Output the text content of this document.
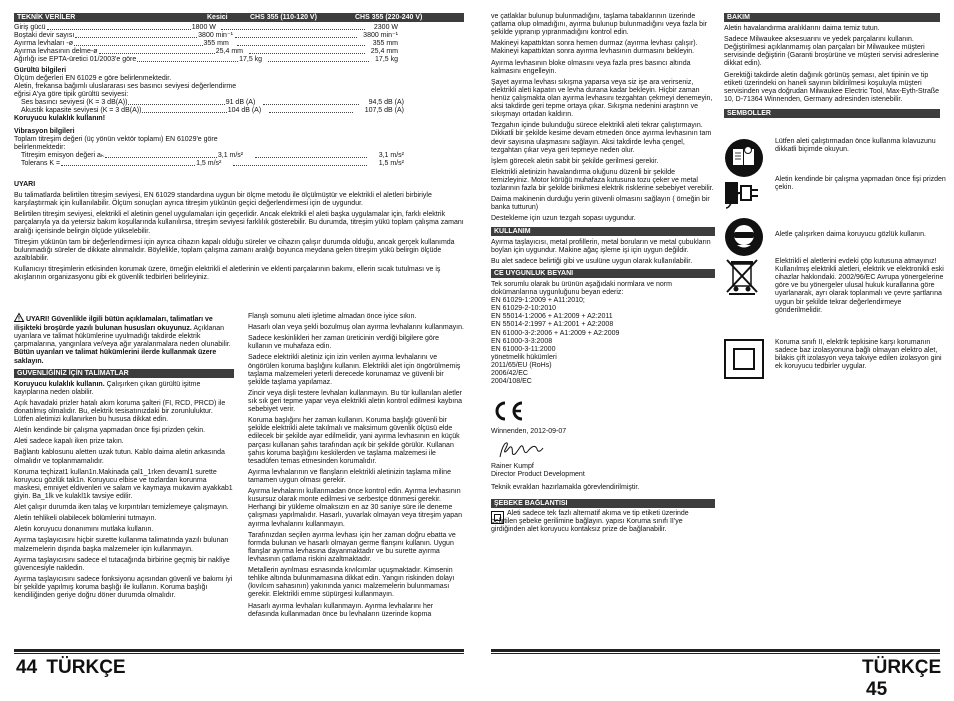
TEKNİK VERİLER	Kesici	CHS 355 (110-120 V)	CHS 355 (220-240 V)
Giriş gücü	1800 W	2300 W
Boştaki devir sayısı	3800 min⁻¹	3800 min⁻¹
Ayırma levhaları -ø	355 mm	355 mm
Ayırma levhasının delme-ø	25,4 mm	25,4 mm
Ağırlığı ise EPTA-üretici 01/2003'e göre	17,5 kg	17,5 kg
Gürültü bilgileri
Ölçüm değerleri EN 61029 e göre belirlenmektedir.
Aletin, frekansa bağımlı uluslararası ses basıncı seviyesi değerlendirme eğrisi A'ya göre tipik gürültü seviyesi:
Ses basıncı seviyesi (K = 3 dB(A))	91 dB (A)	94,5 dB (A)
Akustik kapasite seviyesi (K = 3 dB(A))	104 dB (A)	107,5 dB (A)
Koruyucu kulaklık kullanın!
Vibrasyon bilgileri
Toplam titreşim değeri (üç yönün vektör toplamı) EN 61029'e göre belirlenmektedir:
Titreşim emisyon değeri aₕ	3,1 m/s²	3,1 m/s²
Tolerans K =	1,5 m/s²	1,5 m/s²
UYARI

Bu talimatlarda belirtilen titreşim seviyesi, EN 61029 standardına uygun bir ölçme metodu ile ölçülmüştür ve elektrikli el aletleri birbiriyle karşılaştırmak için kullanılabilir. Ölçüm sonuçları ayrıca titreşim yükünün geçici değerlendirmesi için de uygundur.

Belirtilen titreşim seviyesi, elektrikli el aletinin genel uygulamaları için geçerlidir. Ancak elektrikli el aleti başka uygulamalar için, farklı elektrik parçalarıyla ya da yetersiz bakım koşullarında kullanılırsa, titreşim seviyesi farklılık gösterebilir. Bu durumda, titreşim yükü toplam çalışma zamanı aralığı içerisinde belirgin ölçüde yükselebilir.

Titreşim yükünün tam bir değerlendirmesi için ayrıca cihazın kapalı olduğu süreler ve cihazın çalışır durumda olduğu, ancak gerçek kullanımda bulunmadığı süreler de dikkate alınmalıdır. Böylelikle, toplam çalışma zamanı aralığı boyunca meydana gelen titreşim yükü belirgin ölçüde azaltılabilir.

Kullanıcıyı titreşimlerin etkisinden korumak üzere, örneğin elektrikli el aletlerinin ve eklenti parçalarının bakımı, ellerin sıcak tutulması ve iş akışlarının organizasyonu gibi ek güvenlik tedbirleri belirleyiniz.

! UYARI! Güvenlikle ilgili bütün açıklamaları, talimatları ve ilişikteki broşürde yazılı bulunan hususları okuyunuz. Açıklanan uyarılara ve talimat hükümlerine uyulmadığı takdirde elektrik çarpmalarına, yangınlara ve/veya ağır yaralanmalara neden olunabilir. Bütün uyarıları ve talimat hükümlerini ilerde kullanmak üzere saklayın.

GÜVENLİĞİNİZ İÇİN TALİMATLAR

Koruyucu kulaklık kullanın. Çalışırken çıkan gürültü işitme kayıplarına neden olabilir.

Açık havadaki prizler hatalı akım koruma şalteri (FI, RCD, PRCD) ile donatılmış olmalıdır. Bu, elektrik tesisatınızdaki bir zorunluluktur. Lütfen aletimizi kullanırken bu hususa dikkat edin.

Aletin kendinde bir çalışma yapmadan önce fişi prizden çekin.

Aleti sadece kapalı iken prize takın.

Bağlantı kablosunu aletten uzak tutun. Kablo daima aletin arkasında olmalıdır ve toplanmamalıdır.

Koruma teçhizat1 kullan1n.Makinada çal1_1rken devaml1 surette koruyucu gözlük tak1n. Koruyucu elbise ve tozlardan korunma maskesi, emniyet eldivenleri ve salam ve kaymaya mukavim ayakkab1 giyin. Ba_1lk ve kulakl1k tavsiye edilir.

Alet çalışır durumda iken talaş ve kırpıntıları temizlemeye çalışmayın.

Aletin tehlikeli olabilecek bölümlerini tutmayın.

Aletin koruyucu donanımını mutlaka kullanın.

Ayırma taşlayıcısını hiçbir surette kullanma talimatında yazılı bulunan malzemelerin dışında başka malzemeler için kullanmayın.

Ayırma taşlayıcısını sadece el tutacağında birbirine geçmiş bir nakliye güvencesiyle nakledin.

Ayırma taşlayıcısını sadece fonksiyonu açısından güvenli ve bakımı iyi bir şekilde yapılmış koruma başlığı ile kullanın. Koruma başlığı kendiliğinden geriye doğru döner durumda olmalıdır.

Flanşlı somunu aleti işletime almadan önce iyice sıkın.

Hasarlı olan veya şekli bozulmuş olan ayırma levhalarını kullanmayın.

Sadece keskinlikleri her zaman üreticinin verdiği bilgilere göre kullanın ve muhafaza edin.

Sadece elektrikli aletiniz için izin verilen ayırma levhalarını ve öngörülen koruma başlığını kullanın. Elektrikli alet için öngörülmemiş taşlama malzemeleri yeterli derecede korunamaz ve güvenli bir şekilde taşlama yapılamaz.

Zincir veya dişli testere levhaları kullanmayın. Bu tür kullanılan aletler sık sık geri tepme yapar veya elektrikli aletin kontrol edilmesi kaybına sebebiyet verir.

Koruma başlığını her zaman kullanın. Koruma başlığı güvenli bir şekilde elektrikli alete takılmalı ve maksimum güvenlik ölçüsü elde edilecek bir şekilde ayar edilmelidir, yani ayırma levhasının en küçük parçası kullanan şahıs tarafından açık bir şekilde görülür. Kullanan şahıs koruma başlığını keskilerden ve taşlama malzemesi ile tesadüfen temas etmesinden korumalıdır.

Ayırma levhalarının ve flanşların elektrikli aletinizin taşlama miline tamamen uygun olması gerekir.

Ayırma levhalarını kullanmadan önce kontrol edin. Ayırma levhasının kusursuz olarak monte edilmesi ve serbestçe dönmesi gerekir. Herhangi bir yükleme olmaksızın en az 30 saniye süre ile deneme çalışması yapılmalıdır. Hasarlı, yuvarlak olmayan veya titreşim yapan ayırma levhalarını kullanmayın.

Tarafınızdan seçilen ayırma levhası için her zaman doğru ebatta ve formda bulunan ve hasarlı olmayan germe flanşını kullanın. Uygun flanşlar ayırma levhasına dayanmaktadır ve bu surette ayırma levhasının çatlama riskini azaltmaktadır.

Metallerin ayrılması esnasında kıvılcımlar uçuşmaktadır. Kimsenin tehlike altında bulunmamasına dikkat edin. Yangın riskinden dolayı (kıvılcım sahasının) yakınında yanıcı malzemelerin bulunmaması gerekir. Elektrikli emme süpürgesi kullanmayın.

Hasarlı ayırma levhaları kullanmayın. Ayırma levhalarını her defasında kullanmadan önce bu levhaların üzerinde kopma

44 TÜRKÇE

ve çatlaklar bulunup bulunmadığını, taşlama tabaklarının üzerinde çatlama olup olmadığını, ayırma bulunup bulunmadığını veya fazla bir şekilde yıpranıp yıpranmadığını kontrol edin.

Makineyi kapattıktan sonra hemen durmaz (ayırma levhası çalışır). Makineyi kapattıktan sonra ayırma levhasının durmasını bekleyin.

Ayırma levhasının bloke olmasını veya fazla pres basıncı altında kalmasını engelleyin.

Şayet ayırma levhası sıkışma yaparsa veya siz işe ara verirseniz, elektrikli aleti kapatın ve levha durana kadar bekleyin. Hiçbir zaman henüz çalışmakta olan ayırma levhasını tezgahtan çekmeyi denemeyin, aksi takdirde geri tepme ortaya çıkar. Sıkışma nedenini araştırın ve sıkışmayı ortadan kaldırın.

Tezgahın içinde bulunduğu sürece elektrikli aleti tekrar çalıştırmayın. Dikkatli bir şekilde kesime devam etmeden önce ayırma levhasının tam devir sayısına ulaşmasını sağlayın. Aksi takdirde levha çengel, tezgahtan çıkar veya geri tepmeye neden olur.

İşlem görecek aletin sabit bir şekilde gerilmesi gerekir.

Elektrikli aletinizin havalandırma oluğunu düzenli bir şekilde temizleyiniz. Motor körüğü muhafaza kutusuna tozu çeker ve metal tozlarının fazla bir şekilde birikmesi elektrik risklerine sebebiyet verebilir.

Daima makinenin durduğu yerin güvenli olmasını sağlayın ( örneğin bir banka tutturun)

Destekleme için uzun tezgah sopası uygundur.

KULLANIM

Ayırma taşlayıcısı, metal profillerin, metal boruların ve metal çubukların boylan için uygundur. Makine ağaç işleme işi için uygun değildir.

Bu alet sadece belirtiği gibi ve usulüne uygun olarak kullanılabilir.

CE UYGUNLUK BEYANI
Tek sorumlu olarak bu ürünün aşağıdaki normlara ve norm dokümanlarına uygunluğunu beyan ederiz:
EN 61029-1:2009 + A11:2010;
EN 61029-2-10:2010
EN 55014-1:2006 + A1:2009 + A2:2011
EN 55014-2:1997 + A1:2001 + A2:2008
EN 61000-3-2:2006 + A1:2009 + A2:2009
EN 61000-3-3:2008
EN 61000-3-11:2000
yönetmelik hükümleri
2011/65/EU (RoHs)
2006/42/EC
2004/108/EC
Winnenden, 2012-09-07
Rainer Kumpf
Director Product Development
Teknik evrakları hazırlamakla görevlendirilmiştir.
ŞEBEKE BAĞLANTISI

Aleti sadece tek fazlı alternatif akıma ve tip etiketi üzerinde belirtilen şebeke gerilimine bağlayın. yapısı Koruma sınıfı II'ye girdiğinden alet koruyucu kontaksız prize de bağlanabilir.

BAKIM

Aletin havalandırma aralıklarını daima temiz tutun.

Sadece Milwaukee aksesuarını ve yedek parçalarını kullanın. Değiştirilmesi açıklanmamış olan parçaları bir Milwaukee müşteri servisinde değiştirin (Garanti broşürüne ve müşteri servisi adreslerine dikkat edin).

Gerektiği takdirde aletin dağınık görünüş şeması, alet tipinin ve tip etiketi üzerindeki on haneli sayının bildirilmesi koşuluyla müşteri servisinden veya doğrudan Milwaukee Electric Tool, Max-Eyth-Straße 10, D-71364 Winnenden, Germany adresinden istenebilir.

SEMBOLLER
Lütfen aleti çalıştırmadan önce kullanma kılavuzunu dikkatli biçimde okuyun.
Aletin kendinde bir çalışma yapmadan önce fişi prizden çekin.
Aletle çalışırken daima koruyucu gözlük kullanın.
Elektrikli el aletlerini evdeki çöp kutusuna atmayınız! Kullanılmış elektrikli aletleri, elektrik ve elektronikli eski cihazlar hakkındaki. 2002/96/EC Avrupa yönergelerine göre ve bu yönergeler ulusal hukuk kurallarına göre uyarlanarak, ayrı olarak toplanmalı ve çevre şartlarına uygun bir şekilde tekrar değerlendirmeye gönderilmelidir.
Koruma sınıfı II, elektrik tepkisine karşı korumanın sadece baz izolasyonuna bağlı olmayan elektro alet, bilakis çift izolasyon veya takviye edilen izolasyon gini ek koruyucu tedbirler uygular.
TÜRKÇE 45
